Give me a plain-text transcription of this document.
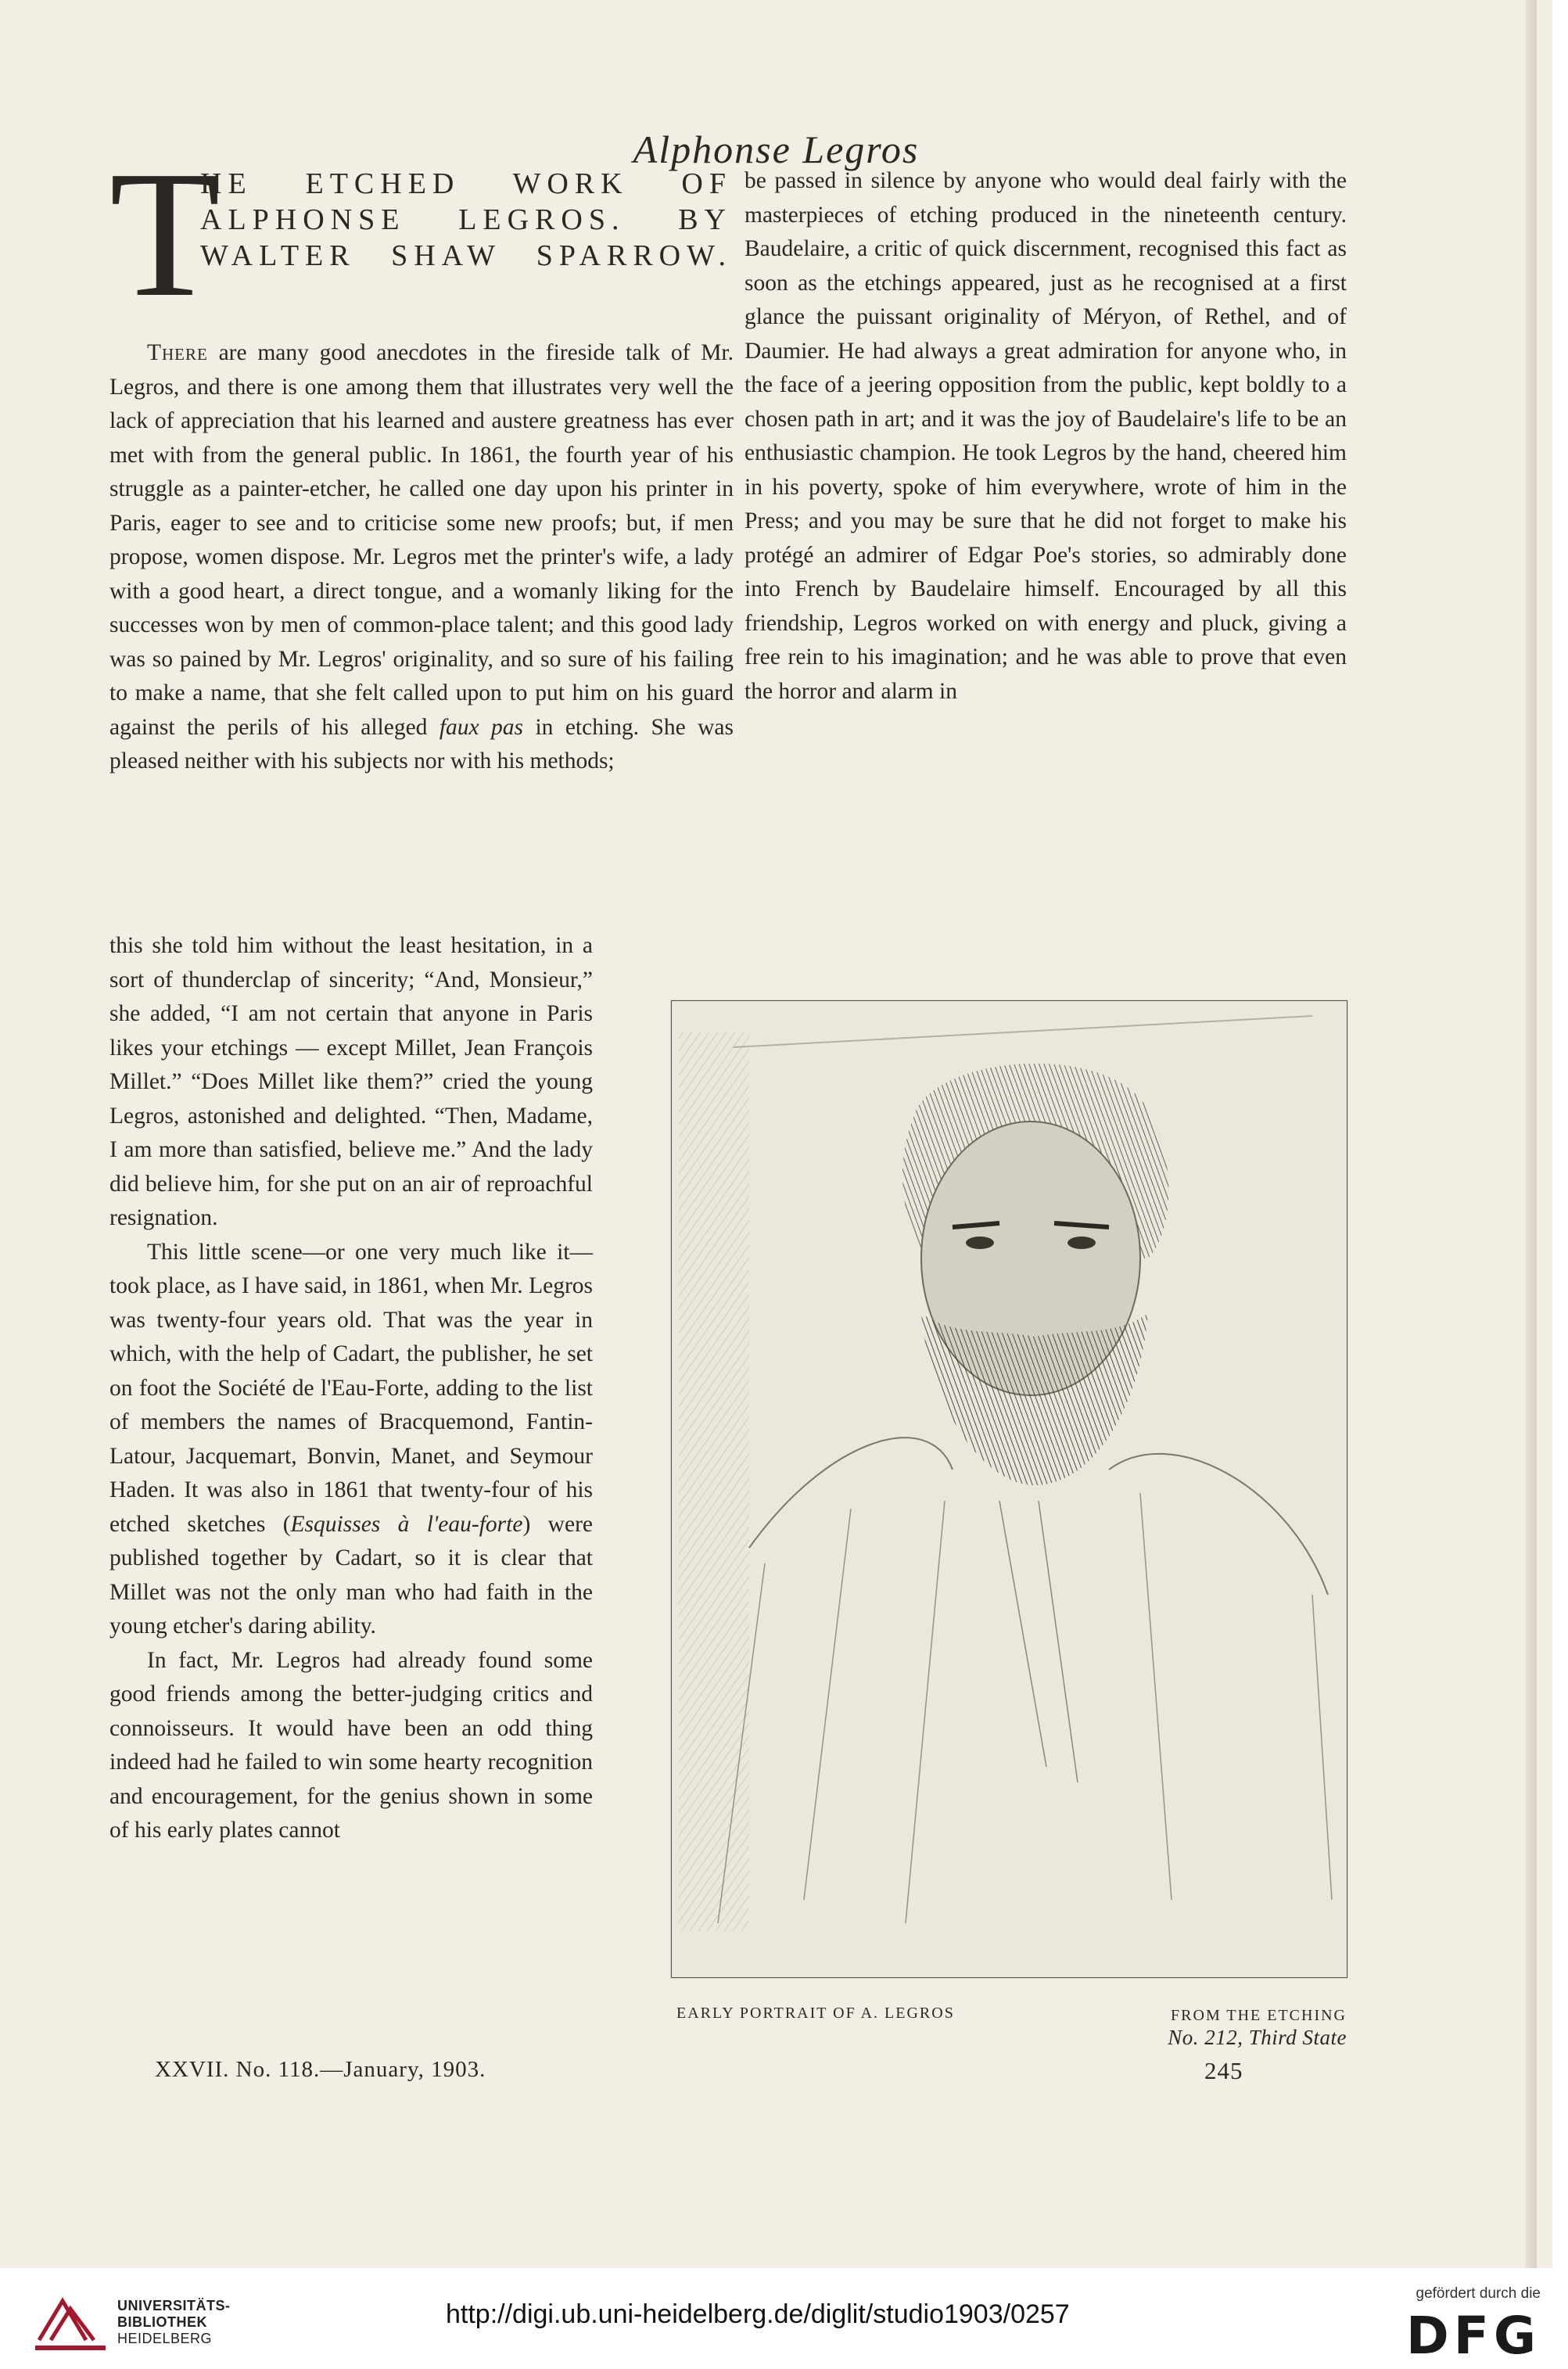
Alphonse Legros
T
HE ETCHED WORK OF
ALPHONSE LEGROS. BY
WALTER SHAW SPARROW.

There are many good anecdotes in the fireside talk of Mr. Legros, and there is one among them that illustrates very well the lack of appreciation that his learned and austere greatness has ever met with from the general public. In 1861, the fourth year of his struggle as a painter-etcher, he called one day upon his printer in Paris, eager to see and to criticise some new proofs; but, if men propose, women dispose. Mr. Legros met the printer's wife, a lady with a good heart, a direct tongue, and a womanly liking for the successes won by men of common-place talent; and this good lady was so pained by Mr. Legros' originality, and so sure of his failing to make a name, that she felt called upon to put him on his guard against the perils of his alleged faux pas in etching. She was pleased neither with his subjects nor with his methods;

this she told him without the least hesitation, in a sort of thunderclap of sincerity; “And, Monsieur,” she added, “I am not certain that anyone in Paris likes your etchings — except Millet, Jean François Millet.” “Does Millet like them?” cried the young Legros, astonished and delighted. “Then, Madame, I am more than satisfied, believe me.” And the lady did believe him, for she put on an air of reproachful resignation.

This little scene—or one very much like it—took place, as I have said, in 1861, when Mr. Legros was twenty-four years old. That was the year in which, with the help of Cadart, the publisher, he set on foot the Société de l'Eau-Forte, adding to the list of members the names of Bracquemond, Fantin-Latour, Jacquemart, Bonvin, Manet, and Seymour Haden. It was also in 1861 that twenty-four of his etched sketches (Esquisses à l'eau-forte) were published together by Cadart, so it is clear that Millet was not the only man who had faith in the young etcher's daring ability.

In fact, Mr. Legros had already found some good friends among the better-judging critics and connoisseurs. It would have been an odd thing indeed had he failed to win some hearty recognition and encouragement, for the genius shown in some of his early plates cannot

be passed in silence by anyone who would deal fairly with the masterpieces of etching produced in the nineteenth century. Baudelaire, a critic of quick discernment, recognised this fact as soon as the etchings appeared, just as he recognised at a first glance the puissant originality of Méryon, of Rethel, and of Daumier. He had always a great admiration for anyone who, in the face of a jeering opposition from the public, kept boldly to a chosen path in art; and it was the joy of Baudelaire's life to be an enthusiastic champion. He took Legros by the hand, cheered him in his poverty, spoke of him everywhere, wrote of him in the Press; and you may be sure that he did not forget to make his protégé an admirer of Edgar Poe's stories, so admirably done into French by Baudelaire himself. Encouraged by all this friendship, Legros worked on with energy and pluck, giving a free rein to his imagination; and he was able to prove that even the horror and alarm in

EARLY PORTRAIT OF A. LEGROS	FROM THE ETCHING
No. 212, Third State
XXVII. No. 118.—January, 1903.	245
UNIVERSITÄTS-
BIBLIOTHEK
HEIDELBERG
http://digi.ub.uni-heidelberg.de/diglit/studio1903/0257
gefördert durch die
DFG
